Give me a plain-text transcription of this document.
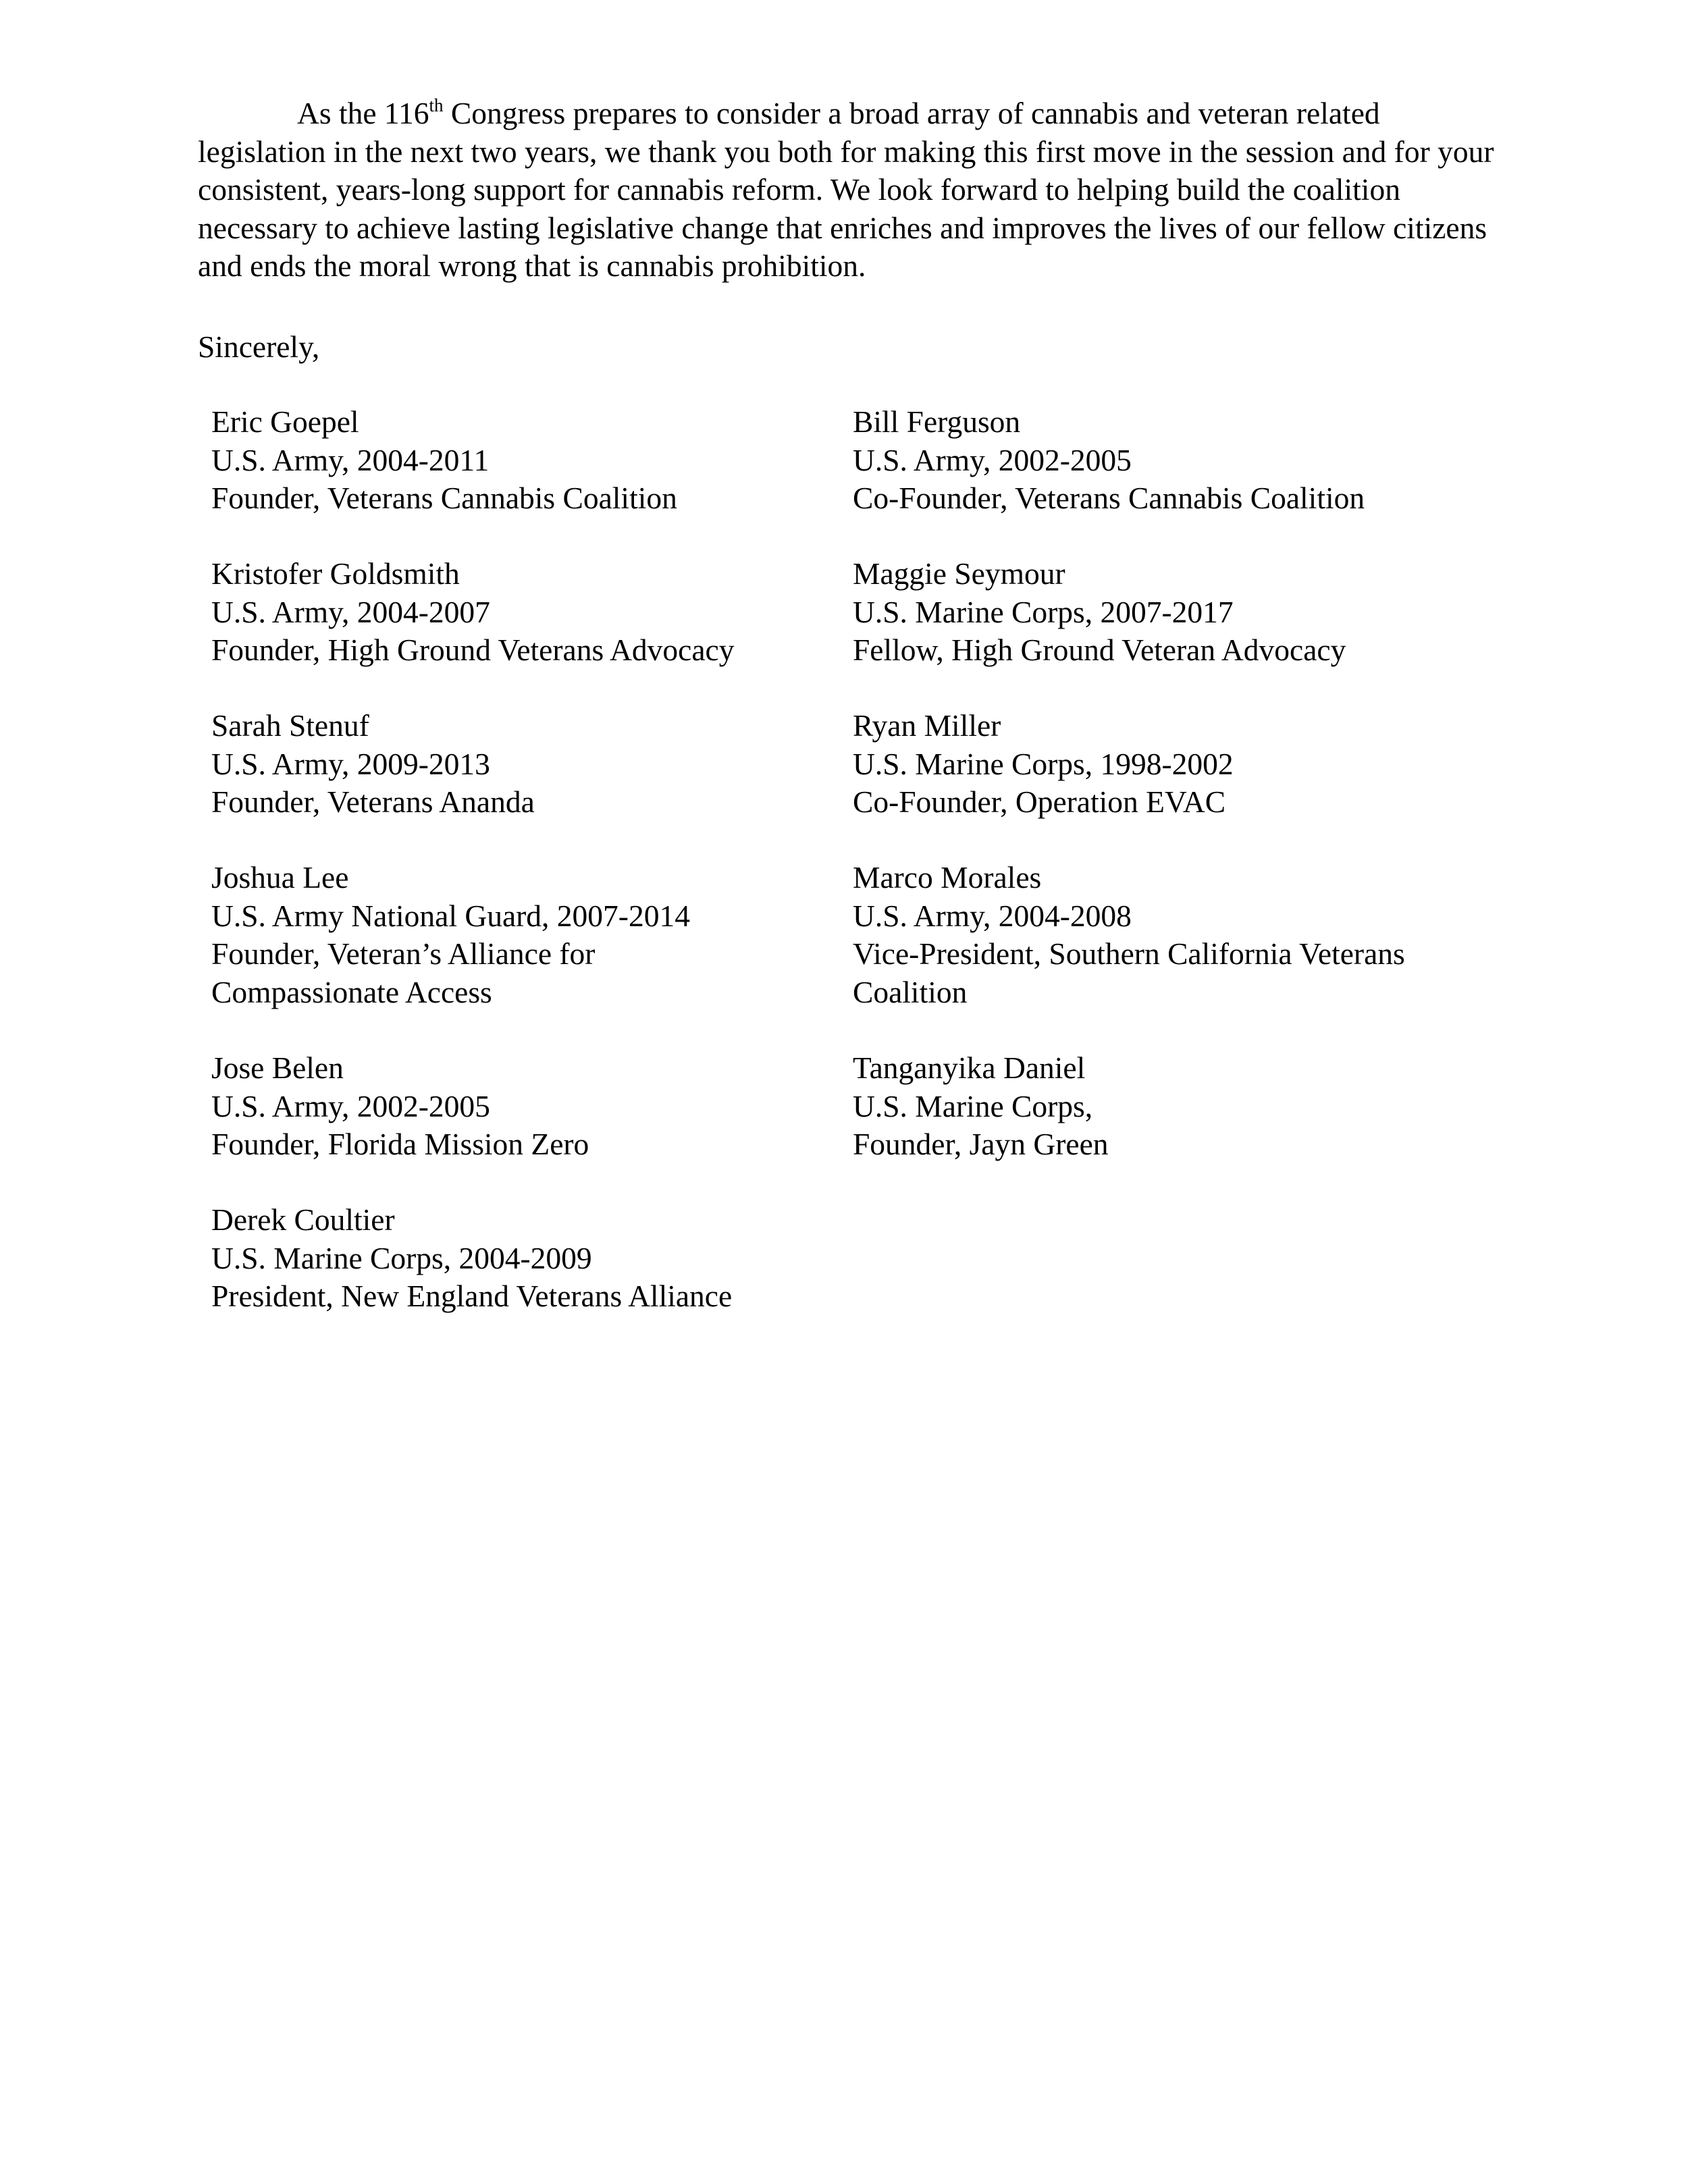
As the 116th Congress prepares to consider a broad array of cannabis and veteran related legislation in the next two years, we thank you both for making this first move in the session and for your consistent, years-long support for cannabis reform. We look forward to helping build the coalition necessary to achieve lasting legislative change that enriches and improves the lives of our fellow citizens and ends the moral wrong that is cannabis prohibition.

Sincerely,

Eric Goepel
U.S. Army, 2004-2011
Founder, Veterans Cannabis Coalition
Bill Ferguson
U.S. Army, 2002-2005
Co-Founder, Veterans Cannabis Coalition
Kristofer Goldsmith
U.S. Army, 2004-2007
Founder, High Ground Veterans Advocacy
Maggie Seymour
U.S. Marine Corps, 2007-2017
Fellow, High Ground Veteran Advocacy
Sarah Stenuf
U.S. Army, 2009-2013
Founder, Veterans Ananda
Ryan Miller
U.S. Marine Corps, 1998-2002
Co-Founder, Operation EVAC
Joshua Lee
U.S. Army National Guard, 2007-2014
Founder, Veteran’s Alliance for
Compassionate Access
Marco Morales
U.S. Army, 2004-2008
Vice-President, Southern California Veterans
Coalition
Jose Belen
U.S. Army, 2002-2005
Founder, Florida Mission Zero
Tanganyika Daniel
U.S. Marine Corps,
Founder, Jayn Green
Derek Coultier
U.S. Marine Corps, 2004-2009
President, New England Veterans Alliance
